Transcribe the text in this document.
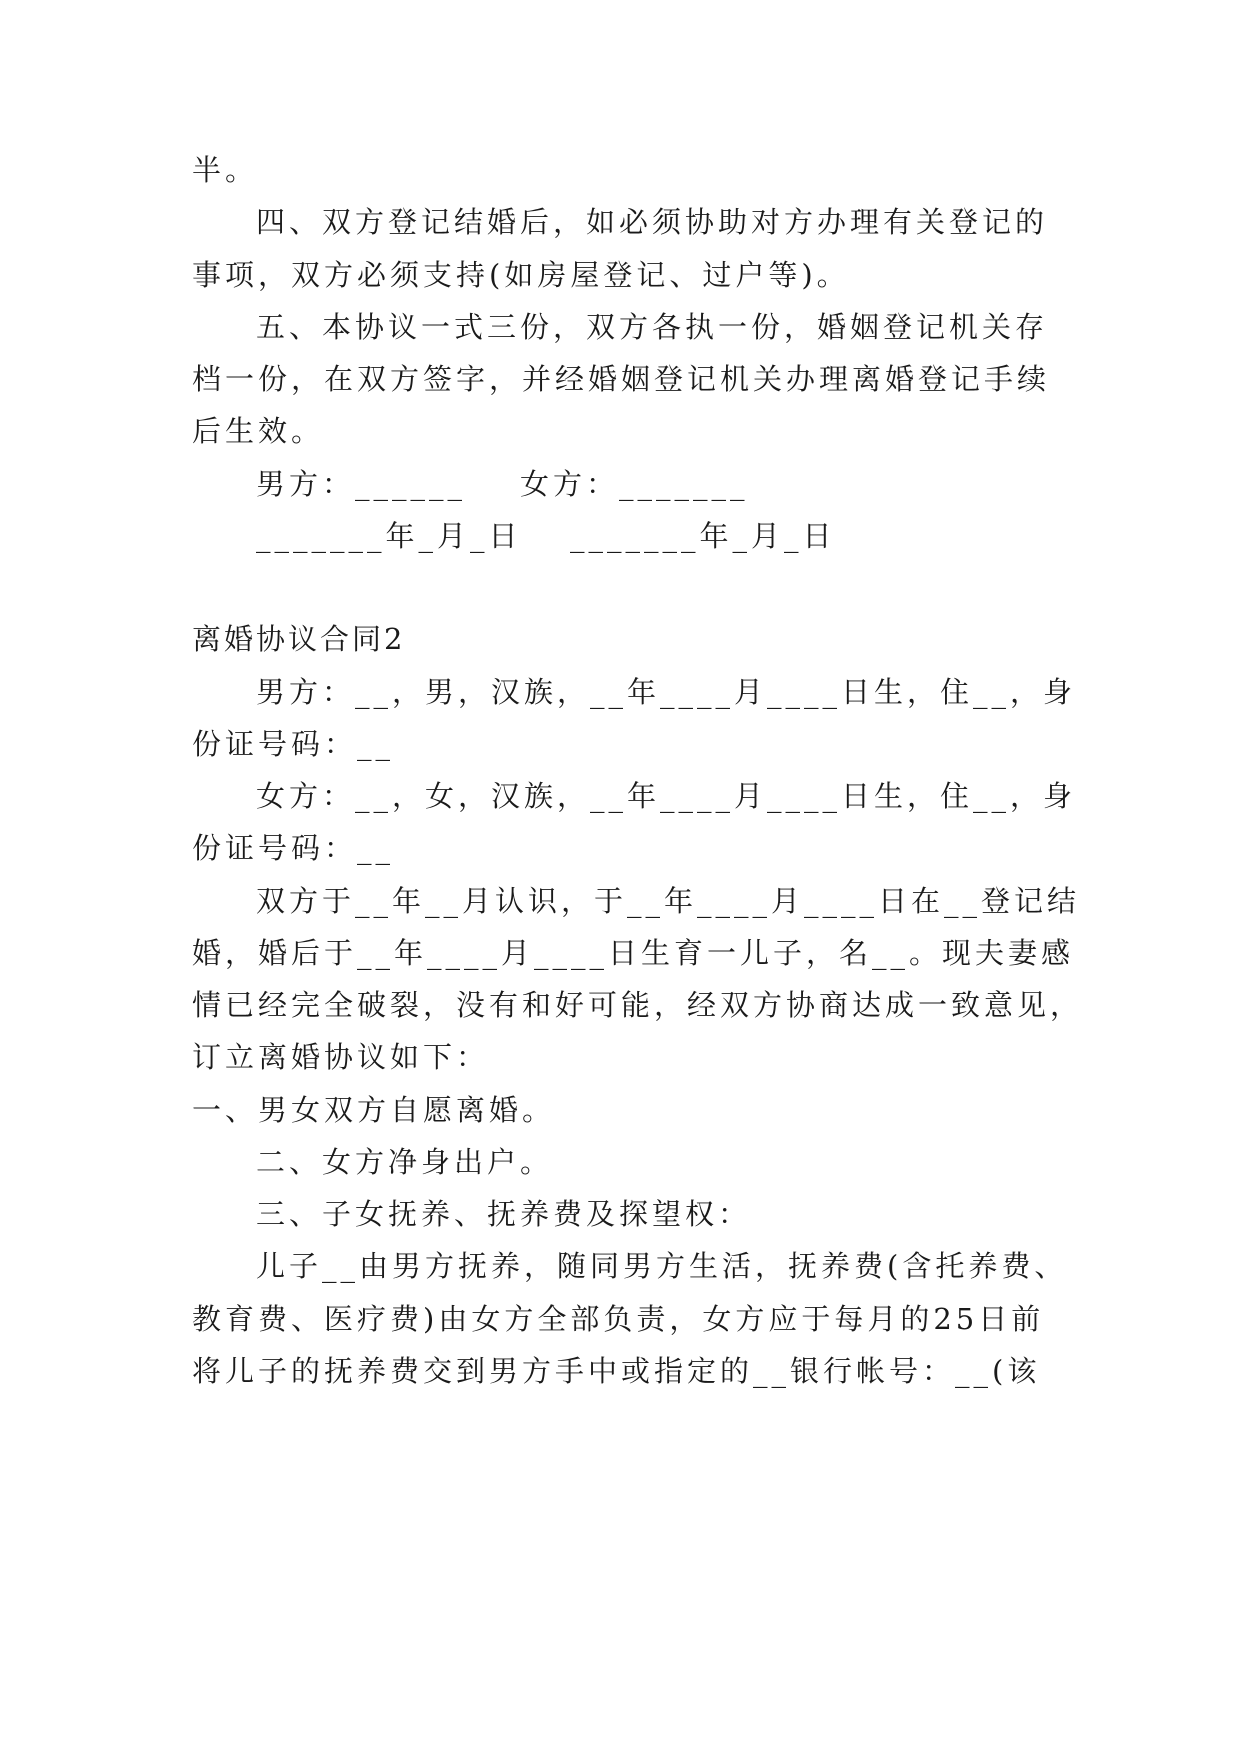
半。
四、双方登记结婚后，如必须协助对方办理有关登记的
事项，双方必须支持(如房屋登记、过户等)。
五、本协议一式三份，双方各执一份，婚姻登记机关存
档一份，在双方签字，并经婚姻登记机关办理离婚登记手续
后生效。
男方：______ 女方：_______
_______年_月_日 _______年_月_日
离婚协议合同2
男方：__，男，汉族，__年____月____日生，住__，身
份证号码：__
女方：__，女，汉族，__年____月____日生，住__，身
份证号码：__
双方于__年__月认识，于__年____月____日在__登记结
婚，婚后于__年____月____日生育一儿子，名__。现夫妻感
情已经完全破裂，没有和好可能，经双方协商达成一致意见，
订立离婚协议如下：
一、男女双方自愿离婚。
二、女方净身出户。
三、子女抚养、抚养费及探望权：
儿子__由男方抚养，随同男方生活，抚养费(含托养费、
教育费、医疗费)由女方全部负责，女方应于每月的25日前
将儿子的抚养费交到男方手中或指定的__银行帐号：__(该
